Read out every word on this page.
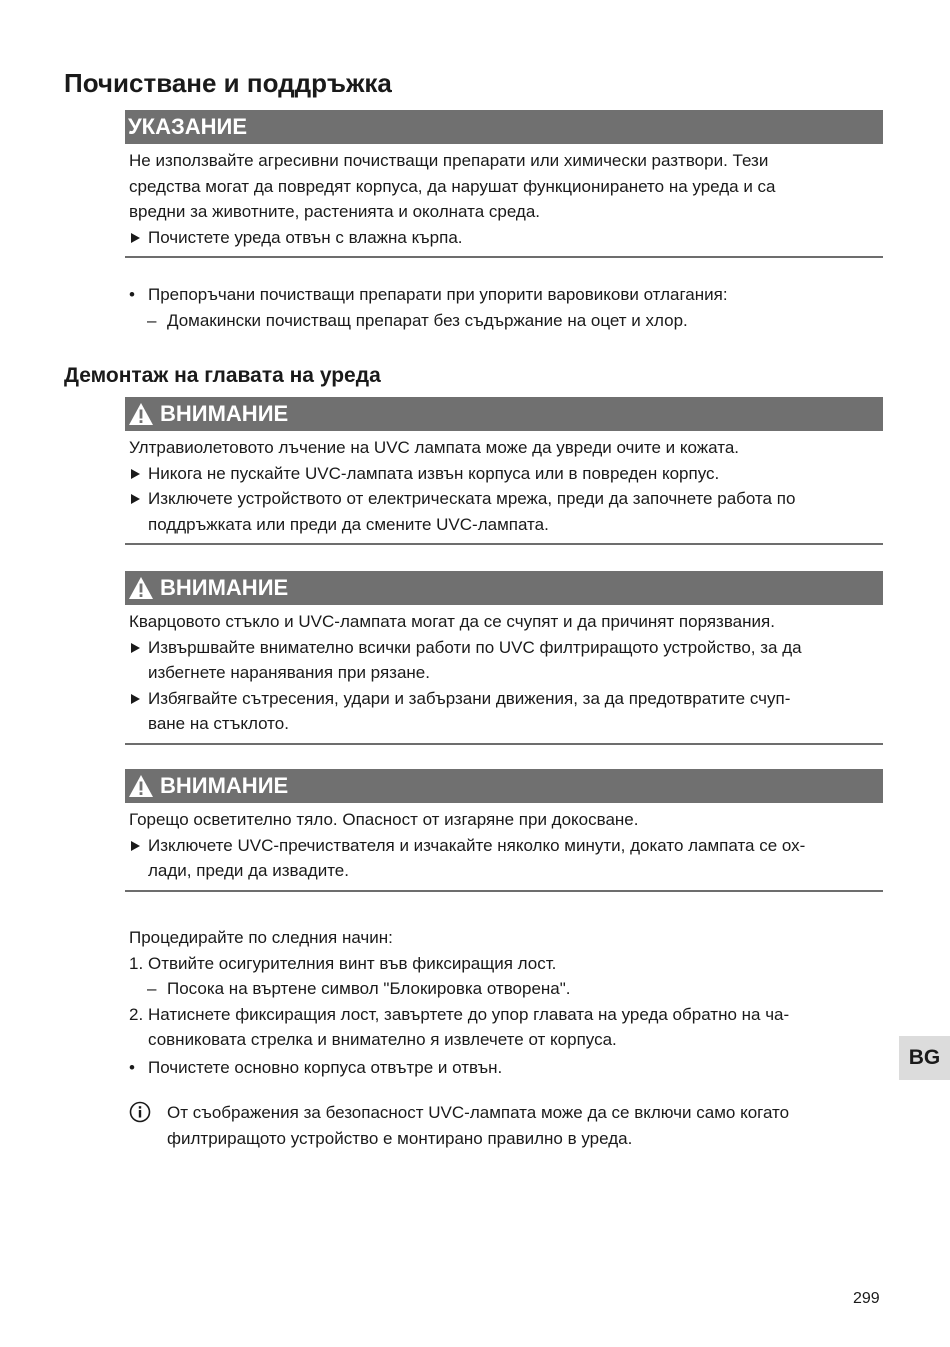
Почистване и поддръжка
УКАЗАНИЕ
Не използвайте агресивни почистващи препарати или химически разтвори. Тези
средства могат да повредят корпуса, да нарушат функционирането на уреда и са
вредни за животните, растенията и околната среда.
Почистете уреда отвън с влажна кърпа.
• Препоръчани почистващи препарати при упорити варовикови отлагания:
– Домакински почистващ препарат без съдържание на оцет и хлор.
Демонтаж на главата на уреда
ВНИМАНИЕ
Ултравиолетовото лъчение на UVC лампата може да увреди очите и кожата.
Никога не пускайте UVC-лампата извън корпуса или в повреден корпус.
Изключете устройството от електрическата мрежа, преди да започнете работа по
поддръжката или преди да смените UVC-лампата.
ВНИМАНИЕ
Кварцовото стъкло и UVC-лампата могат да се счупят и да причинят порязвания.
Извършвайте внимателно всички работи по UVC филтриращото устройство, за да
избегнете наранявания при рязане.
Избягвайте сътресения, удари и забързани движения, за да предотвратите счуп-
ване на стъклото.
ВНИМАНИЕ
Горещо осветително тяло. Опасност от изгаряне при докосване.
Изключете UVC-пречиствателя и изчакайте няколко минути, докато лампата се ох-
лади, преди да извадите.
Процедирайте по следния начин:
1. Отвийте осигурителния винт във фиксиращия лост.
– Посока на въртене символ "Блокировка отворена".
2. Натиснете фиксиращия лост, завъртете до упор главата на уреда обратно на ча-
совниковата стрелка и внимателно я извлечете от корпуса.
• Почистете основно корпуса отвътре и отвън.
От съображения за безопасност UVC-лампата може да се включи само когато
филтриращото устройство е монтирано правилно в уреда.
BG
299
